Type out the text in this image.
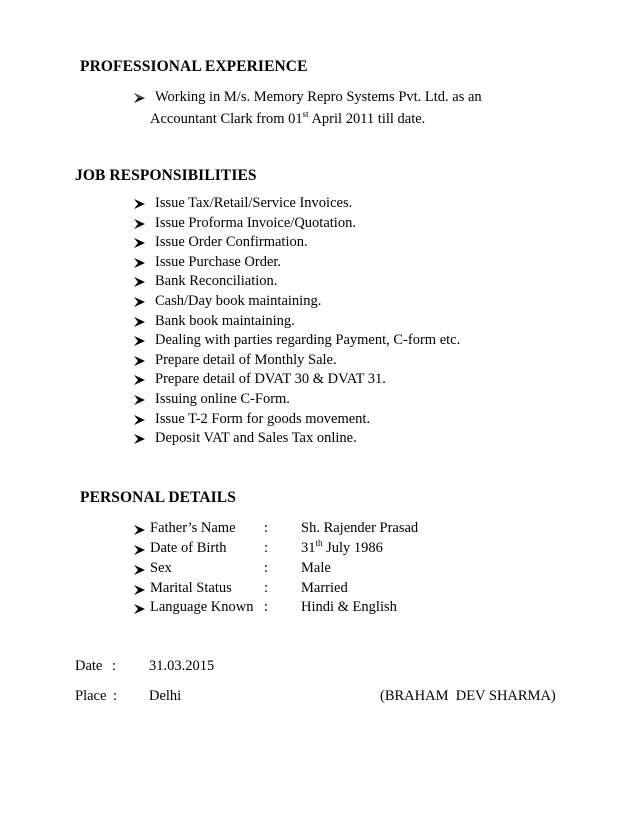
PROFESSIONAL EXPERIENCE
Working in M/s. Memory Repro Systems Pvt. Ltd. as an
Accountant Clark from 01st April 2011 till date.
JOB RESPONSIBILITIES
Issue Tax/Retail/Service Invoices.
Issue Proforma Invoice/Quotation.
Issue Order Confirmation.
Issue Purchase Order.
Bank Reconciliation.
Cash/Day book maintaining.
Bank book maintaining.
Dealing with parties regarding Payment, C-form etc.
Prepare detail of Monthly Sale.
Prepare detail of DVAT 30 & DVAT 31.
Issuing online C-Form.
Issue T-2 Form for goods movement.
Deposit VAT and Sales Tax online.
PERSONAL DETAILS
Father’s Name : Sh. Rajender Prasad
Date of Birth	: 31th July 1986
Sex	: Male
Marital Status : Married
Language Known : Hindi & English
Date : 31.03.2015
Place : Delhi	(BRAHAM  DEV SHARMA)
